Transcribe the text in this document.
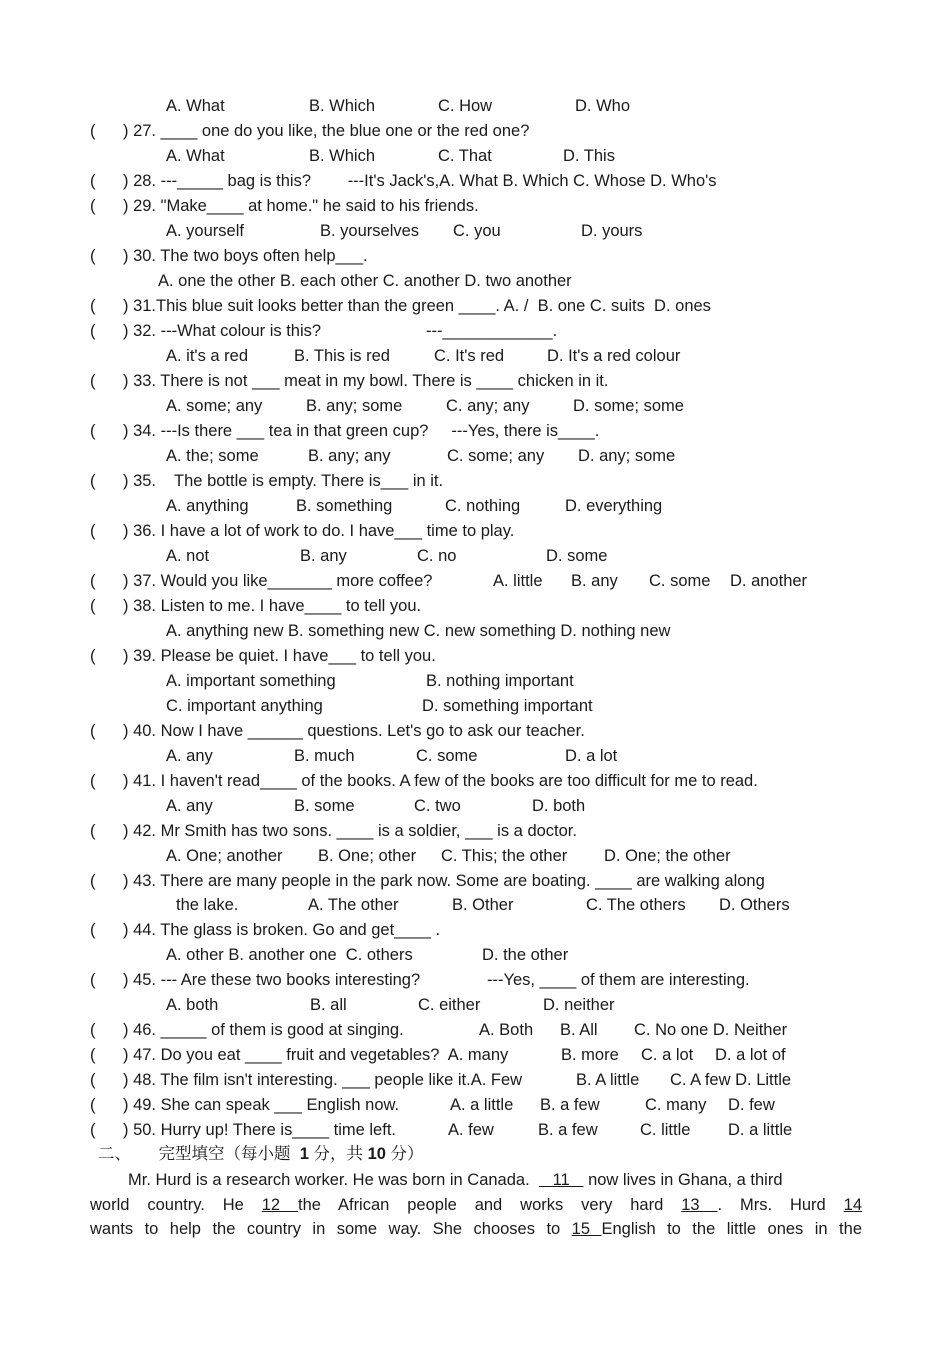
A. What	B. Which	C. How	D. Who
(      ) 27. ____ one do you like, the blue one or the red one?
A. What	B. Which	C. That	D. This
(      ) 28. ---_____ bag is this?        ---It's Jack's,A. What B. Which C. Whose D. Who's
(      ) 29. "Make____ at home." he said to his friends.
A. yourself	B. yourselves C. you	D. yours
(      ) 30. The two boys often help___.
A. one the other B. each other C. another D. two another
(      ) 31.This blue suit looks better than the green ____. A. /  B. one C. suits  D. ones
(      ) 32. ---What colour is this?	---____________.
A. it's a red	B. This is red	C. It's red	D. It's a red colour
(      ) 33. There is not ___ meat in my bowl. There is ____ chicken in it.
A. some; any	B. any; some	C. any; any	D. some; some
(      ) 34. ---Is there ___ tea in that green cup?     ---Yes, there is____.
A. the; some	B. any; any	C. some; any D. any; some
(      ) 35.    The bottle is empty. There is___ in it.
A. anything	B. something	C. nothing	D. everything
(      ) 36. I have a lot of work to do. I have___ time to play.
A. not	B. any	C. no	D. some
(      ) 37. Would you like_______ more coffee?	A. little B. any C. some D. another
(      ) 38. Listen to me. I have____ to tell you.
A. anything new B. something new C. new something D. nothing new
(      ) 39. Please be quiet. I have___ to tell you.
A. important something	B. nothing important
C. important anything	D. something important
(      ) 40. Now I have ______ questions. Let's go to ask our teacher.
A. any	B. much	C. some	D. a lot
(      ) 41. I haven't read____ of the books. A few of the books are too difficult for me to read.
A. any	B. some	C. two	D. both
(      ) 42. Mr Smith has two sons. ____ is a soldier, ___ is a doctor.
A. One; another B. One; other C. This; the other D. One; the other
(      ) 43. There are many people in the park now. Some are boating. ____ are walking along
the lake.	A. The other	B. Other	C. The others D. Others
(      ) 44. The glass is broken. Go and get____ .
A. other B. another one  C. others	D. the other
(      ) 45. --- Are these two books interesting?	---Yes, ____ of them are interesting.
A. both	B. all	C. either	D. neither
(      ) 46. _____ of them is good at singing.	A. Both B. All C. No one D. Neither
(      ) 47. Do you eat ____ fruit and vegetables?  A. many	B. more C. a lot D. a lot of
(      ) 48. The film isn't interesting. ___ people like it.A. Few	B. A little C. A few D. Little
(      ) 49. She can speak ___ English now.	A. a little B. a few	C. many D. few
(      ) 50. Hurry up! There is____ time left.	A. few	B. a few	C. little D. a little
二、 完型填空（每小题 1 分，共 10 分）
Mr. Hurd is a research worker. He was born in Canada.     11    now lives in Ghana, a third
world country. He 12 the African people and works very hard 13 . Mrs. Hurd 14
wants to help the country in some way. She chooses to 15 English to the little ones in the
